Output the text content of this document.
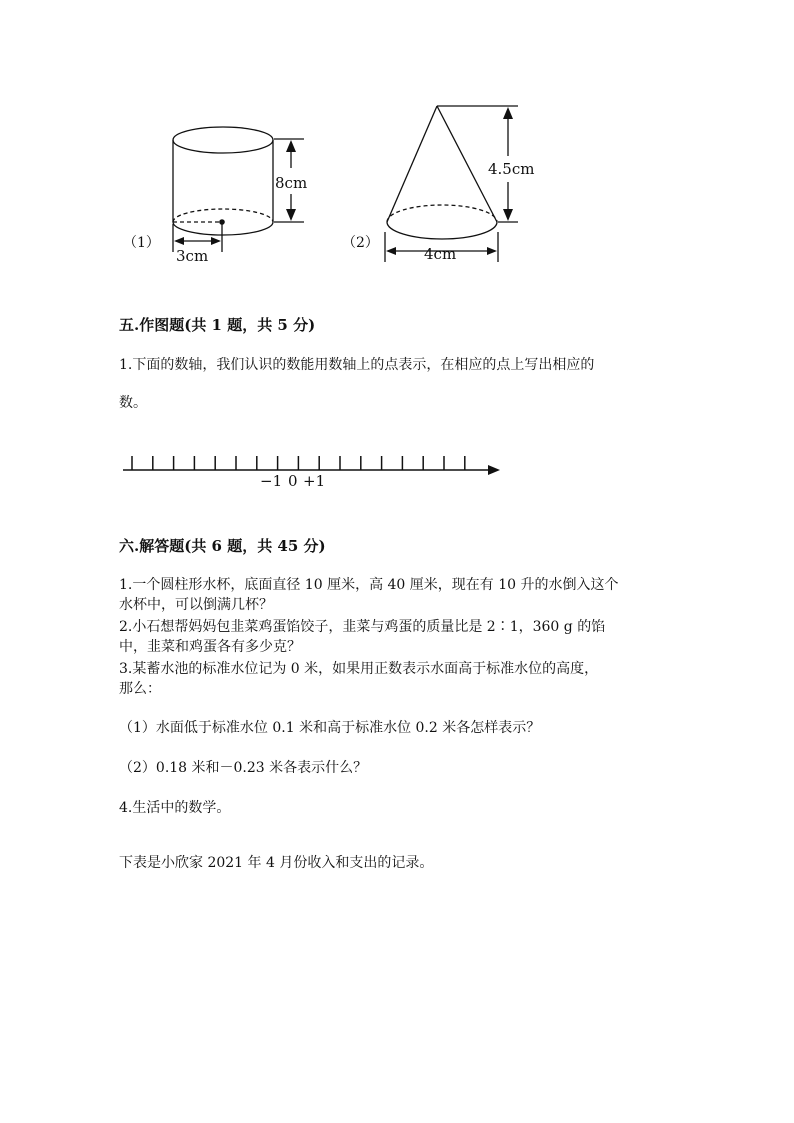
（1）
8cm
3cm
（2）
4.5cm
4cm
五.作图题(共 1 题，共 5 分)
1.下面的数轴，我们认识的数能用数轴上的点表示，在相应的点上写出相应的
数。
−1 0 +1
六.解答题(共 6 题，共 45 分)
1.一个圆柱形水杯，底面直径 10 厘米，高 40 厘米，现在有 10 升的水倒入这个
水杯中，可以倒满几杯？
2.小石想帮妈妈包韭菜鸡蛋馅饺子，韭菜与鸡蛋的质量比是 2∶1，360 g 的馅
中，韭菜和鸡蛋各有多少克？
3.某蓄水池的标准水位记为 0 米，如果用正数表示水面高于标准水位的高度，
那么：
（1）水面低于标准水位 0.1 米和高于标准水位 0.2 米各怎样表示？
（2）0.18 米和－0.23 米各表示什么？
4.生活中的数学。
下表是小欣家 2021 年 4 月份收入和支出的记录。
